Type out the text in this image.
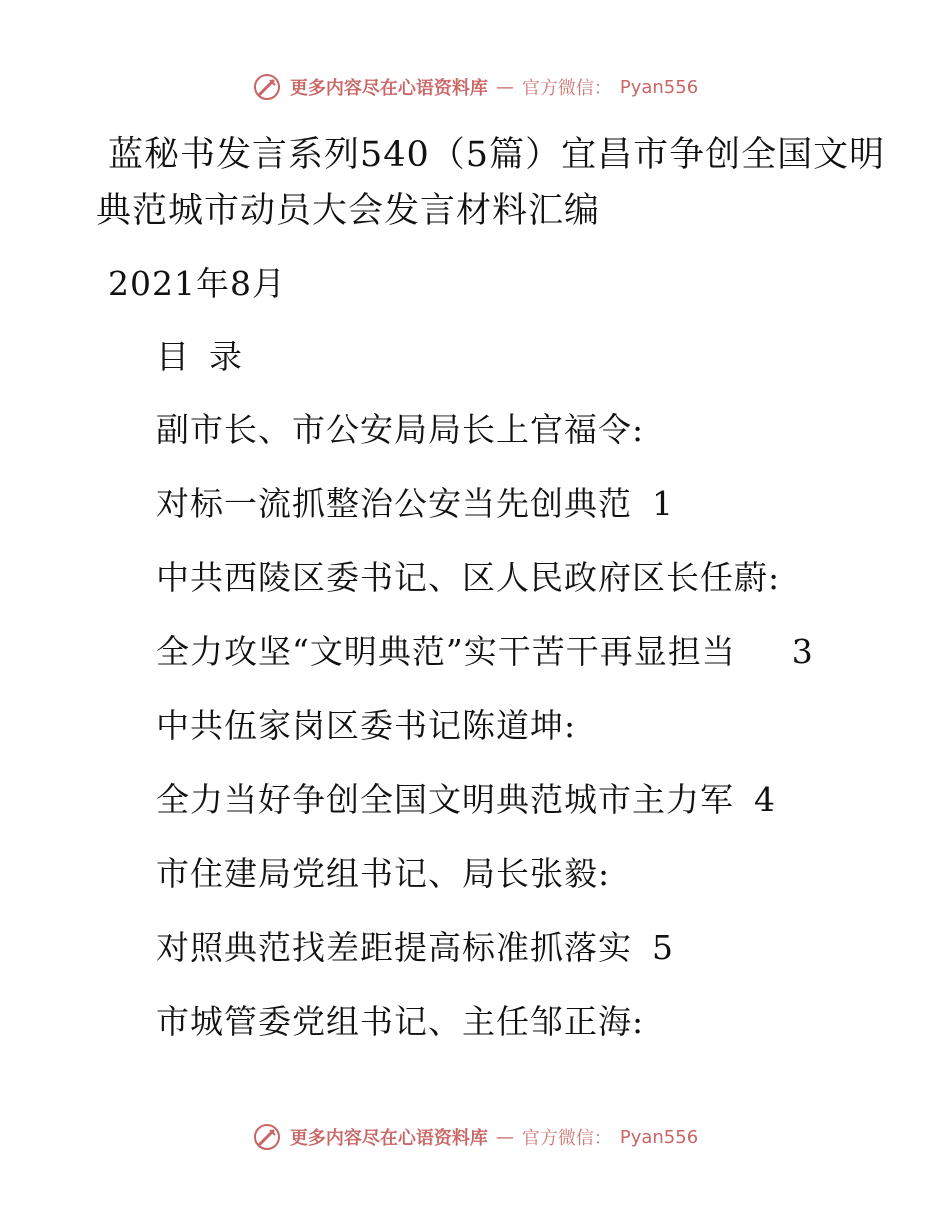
更多内容尽在心语资料库 — 官方微信： Pyan556
蓝秘书发言系列540（5篇）宜昌市争创全国文明
典范城市动员大会发言材料汇编
2021年8月
目录
副市长、市公安局局长上官福令:
对标一流抓整治公安当先创典范 1
中共西陵区委书记、区人民政府区长任蔚:
全力攻坚“文明典范”实干苦干再显担当 3
中共伍家岗区委书记陈道坤:
全力当好争创全国文明典范城市主力军 4
市住建局党组书记、局长张毅:
对照典范找差距提高标准抓落实 5
市城管委党组书记、主任邹正海:
更多内容尽在心语资料库 — 官方微信： Pyan556
